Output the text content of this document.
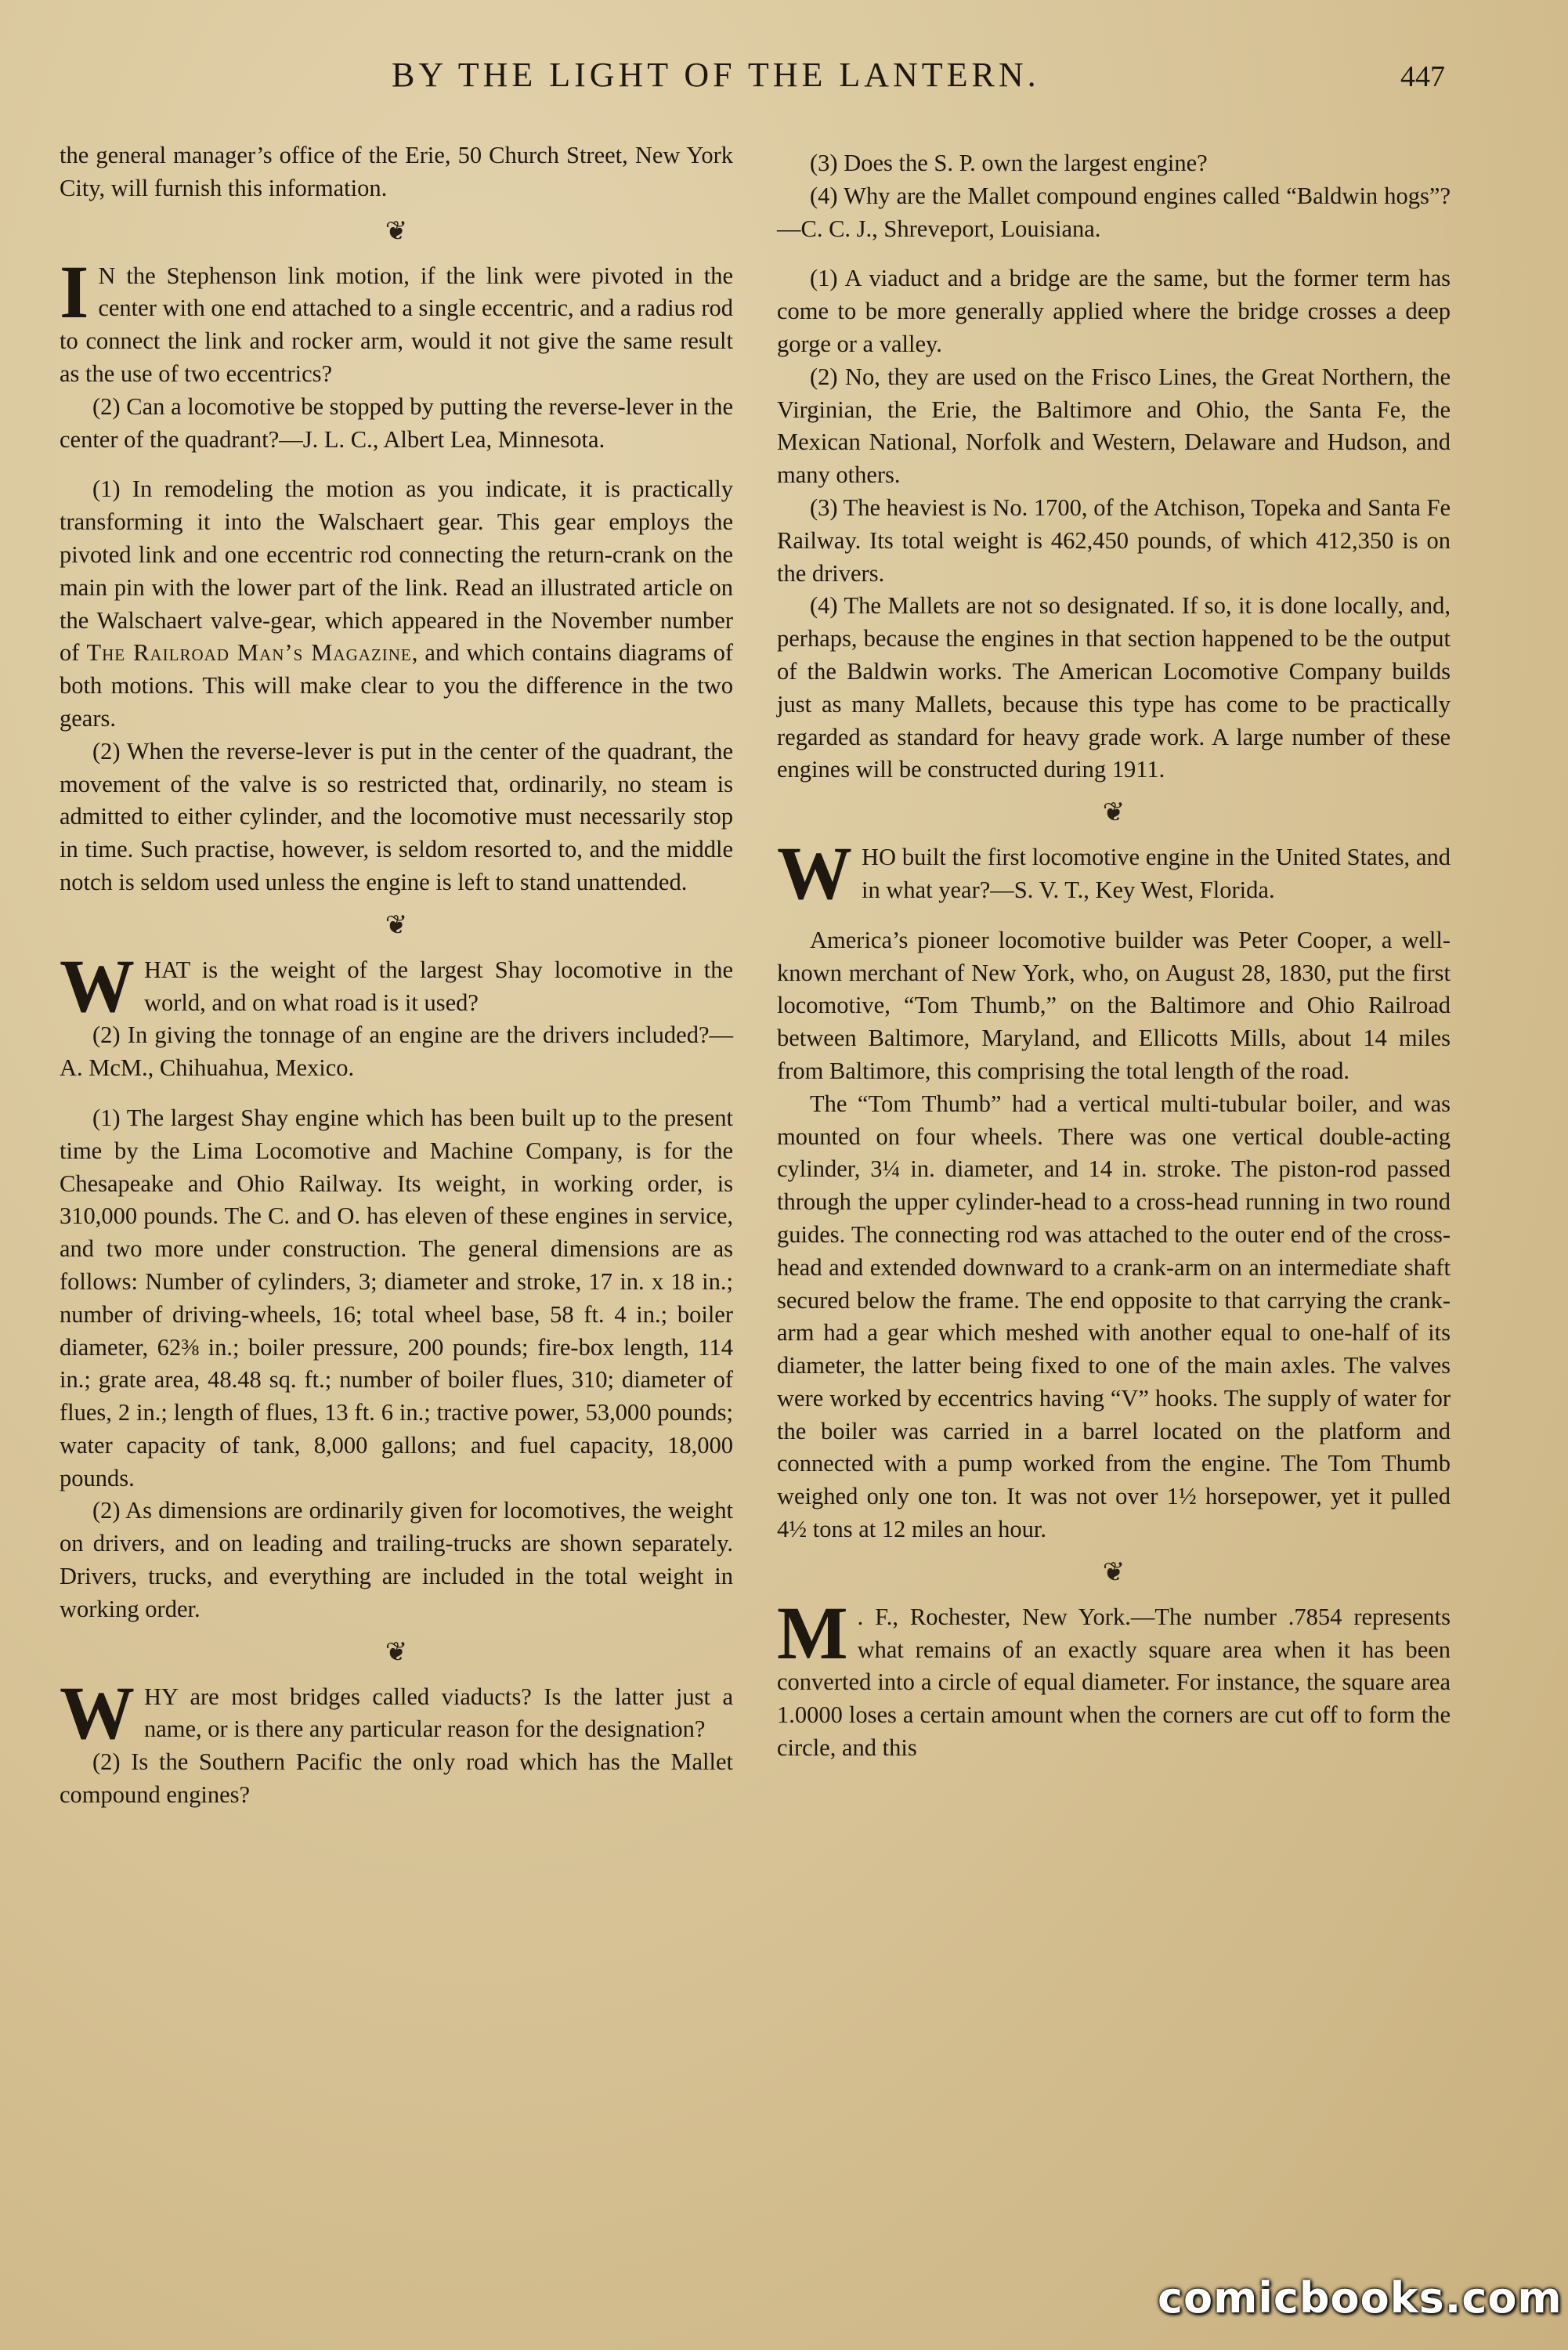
BY THE LIGHT OF THE LANTERN.	447

the general manager’s office of the Erie, 50 Church Street, New York City, will furnish this information.

❦

I N the Stephenson link motion, if the link were pivoted in the center with one end attached to a single eccentric, and a radius rod to connect the link and rocker arm, would it not give the same result as the use of two eccentrics?

(2) Can a locomotive be stopped by putting the reverse-lever in the center of the quadrant?—J. L. C., Albert Lea, Minnesota.

(1) In remodeling the motion as you indicate, it is practically transforming it into the Walschaert gear. This gear employs the pivoted link and one eccentric rod connecting the return-crank on the main pin with the lower part of the link. Read an illustrated article on the Walschaert valve-gear, which appeared in the November number of The Railroad Man’s Magazine, and which contains diagrams of both motions. This will make clear to you the difference in the two gears.

(2) When the reverse-lever is put in the center of the quadrant, the movement of the valve is so restricted that, ordinarily, no steam is admitted to either cylinder, and the locomotive must necessarily stop in time. Such practise, however, is seldom resorted to, and the middle notch is seldom used unless the engine is left to stand unattended.

❦

WHAT is the weight of the largest Shay locomotive in the world, and on what road is it used?

(2) In giving the tonnage of an engine are the drivers included?—A. McM., Chihuahua, Mexico.

(1) The largest Shay engine which has been built up to the present time by the Lima Locomotive and Machine Company, is for the Chesapeake and Ohio Railway. Its weight, in working order, is 310,000 pounds. The C. and O. has eleven of these engines in service, and two more under construction. The general dimensions are as follows: Number of cylinders, 3; diameter and stroke, 17 in. x 18 in.; number of driving-wheels, 16; total wheel base, 58 ft. 4 in.; boiler diameter, 62⅜ in.; boiler pressure, 200 pounds; fire-box length, 114 in.; grate area, 48.48 sq. ft.; number of boiler flues, 310; diameter of flues, 2 in.; length of flues, 13 ft. 6 in.; tractive power, 53,000 pounds; water capacity of tank, 8,000 gallons; and fuel capacity, 18,000 pounds.

(2) As dimensions are ordinarily given for locomotives, the weight on drivers, and on leading and trailing-trucks are shown separately. Drivers, trucks, and everything are included in the total weight in working order.

❦

WHY are most bridges called viaducts? Is the latter just a name, or is there any particular reason for the designation?

(2) Is the Southern Pacific the only road which has the Mallet compound engines?

(3) Does the S. P. own the largest engine?

(4) Why are the Mallet compound engines called “Baldwin hogs”?—C. C. J., Shreveport, Louisiana.

(1) A viaduct and a bridge are the same, but the former term has come to be more generally applied where the bridge crosses a deep gorge or a valley.

(2) No, they are used on the Frisco Lines, the Great Northern, the Virginian, the Erie, the Baltimore and Ohio, the Santa Fe, the Mexican National, Norfolk and Western, Delaware and Hudson, and many others.

(3) The heaviest is No. 1700, of the Atchison, Topeka and Santa Fe Railway. Its total weight is 462,450 pounds, of which 412,350 is on the drivers.

(4) The Mallets are not so designated. If so, it is done locally, and, perhaps, because the engines in that section happened to be the output of the Baldwin works. The American Locomotive Company builds just as many Mallets, because this type has come to be practically regarded as standard for heavy grade work. A large number of these engines will be constructed during 1911.

❦

WHO built the first locomotive engine in the United States, and in what year?—S. V. T., Key West, Florida.

America’s pioneer locomotive builder was Peter Cooper, a well-known merchant of New York, who, on August 28, 1830, put the first locomotive, “Tom Thumb,” on the Baltimore and Ohio Railroad between Baltimore, Maryland, and Ellicotts Mills, about 14 miles from Baltimore, this comprising the total length of the road.

The “Tom Thumb” had a vertical multi-tubular boiler, and was mounted on four wheels. There was one vertical double-acting cylinder, 3¼ in. diameter, and 14 in. stroke. The piston-rod passed through the upper cylinder-head to a cross-head running in two round guides. The connecting rod was attached to the outer end of the cross-head and extended downward to a crank-arm on an intermediate shaft secured below the frame. The end opposite to that carrying the crank-arm had a gear which meshed with another equal to one-half of its diameter, the latter being fixed to one of the main axles. The valves were worked by eccentrics having “V” hooks. The supply of water for the boiler was carried in a barrel located on the platform and connected with a pump worked from the engine. The Tom Thumb weighed only one ton. It was not over 1½ horsepower, yet it pulled 4½ tons at 12 miles an hour.

❦

M . F., Rochester, New York.—The number .7854 represents what remains of an exactly square area when it has been converted into a circle of equal diameter. For instance, the square area 1.0000 loses a certain amount when the corners are cut off to form the circle, and this

comicbooks.com
